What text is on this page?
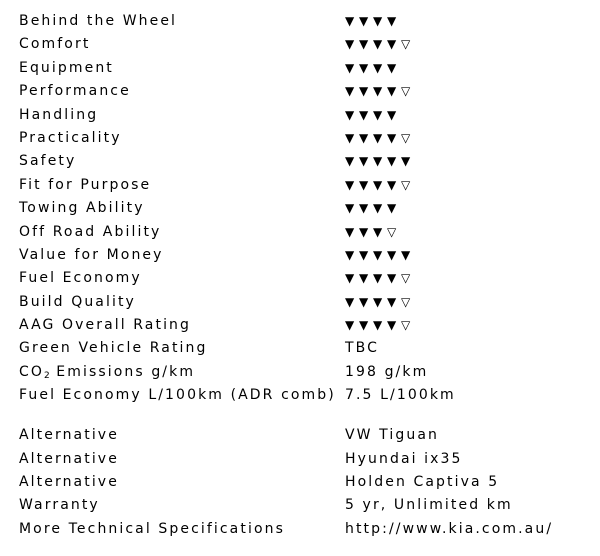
Behind the Wheel	▼ ▼ ▼ ▼
Comfort	▼ ▼ ▼ ▼ ▽
Equipment	▼ ▼ ▼ ▼
Performance	▼ ▼ ▼ ▼ ▽
Handling	▼ ▼ ▼ ▼
Practicality	▼ ▼ ▼ ▼ ▽
Safety	▼ ▼ ▼ ▼ ▼
Fit for Purpose	▼ ▼ ▼ ▼ ▽
Towing Ability	▼ ▼ ▼ ▼
Off Road Ability	▼ ▼ ▼ ▽
Value for Money	▼ ▼ ▼ ▼ ▼
Fuel Economy	▼ ▼ ▼ ▼ ▽
Build Quality	▼ ▼ ▼ ▼ ▽
AAG Overall Rating	▼ ▼ ▼ ▼ ▽
Green Vehicle Rating	TBC
$CO_2$ Emissions g/km	198 g/km
Fuel Economy L/100km (ADR comb) 7.5 L/100km
Alternative	VW Tiguan
Alternative	Hyundai ix35
Alternative	Holden Captiva 5
Warranty	5 yr, Unlimited km
More Technical Specifications	http://www.kia.com.au/
